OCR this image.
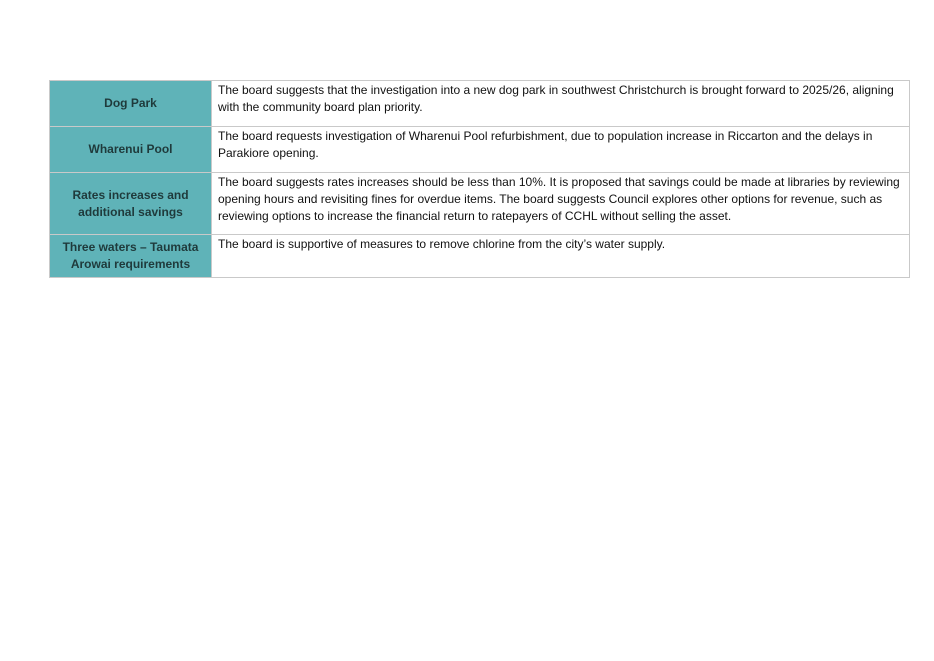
Dog Park	The board suggests that the investigation into a new dog park in southwest Christchurch is brought forward to 2025/26, aligning with the community board plan priority.
Wharenui Pool	The board requests investigation of Wharenui Pool refurbishment, due to population increase in Riccarton and the delays in Parakiore opening.
Rates increases and additional savings	The board suggests rates increases should be less than 10%. It is proposed that savings could be made at libraries by reviewing opening hours and revisiting fines for overdue items. The board suggests Council explores other options for revenue, such as reviewing options to increase the financial return to ratepayers of CCHL without selling the asset.
Three waters – Taumata Arowai requirements	The board is supportive of measures to remove chlorine from the city’s water supply.
